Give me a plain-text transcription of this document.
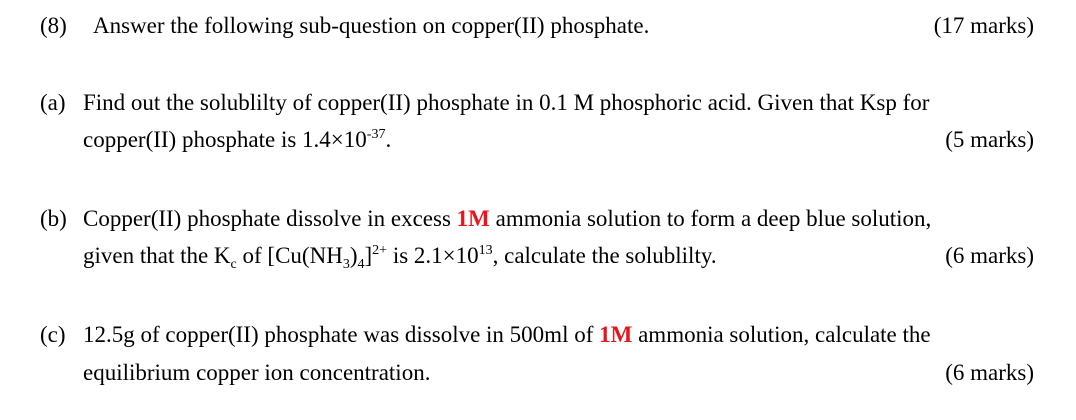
(8) Answer the following sub-question on copper(II) phosphate.	(17 marks)
(a) Find out the solublilty of copper(II) phosphate in 0.1 M phosphoric acid. Given that Ksp for
copper(II) phosphate is $1.4\times 10^{-37}$.	(5 marks)
(b) Copper(II) phosphate dissolve in excess 1M ammonia solution to form a deep blue solution,
given that the $K_c$ of $[Cu(NH_3)_4]^{2+}$ is $2.1\times 10^{13}$, calculate the solublilty.	(6 marks)
(c) 12.5g of copper(II) phosphate was dissolve in 500ml of 1M ammonia solution, calculate the
equilibrium copper ion concentration.	(6 marks)
